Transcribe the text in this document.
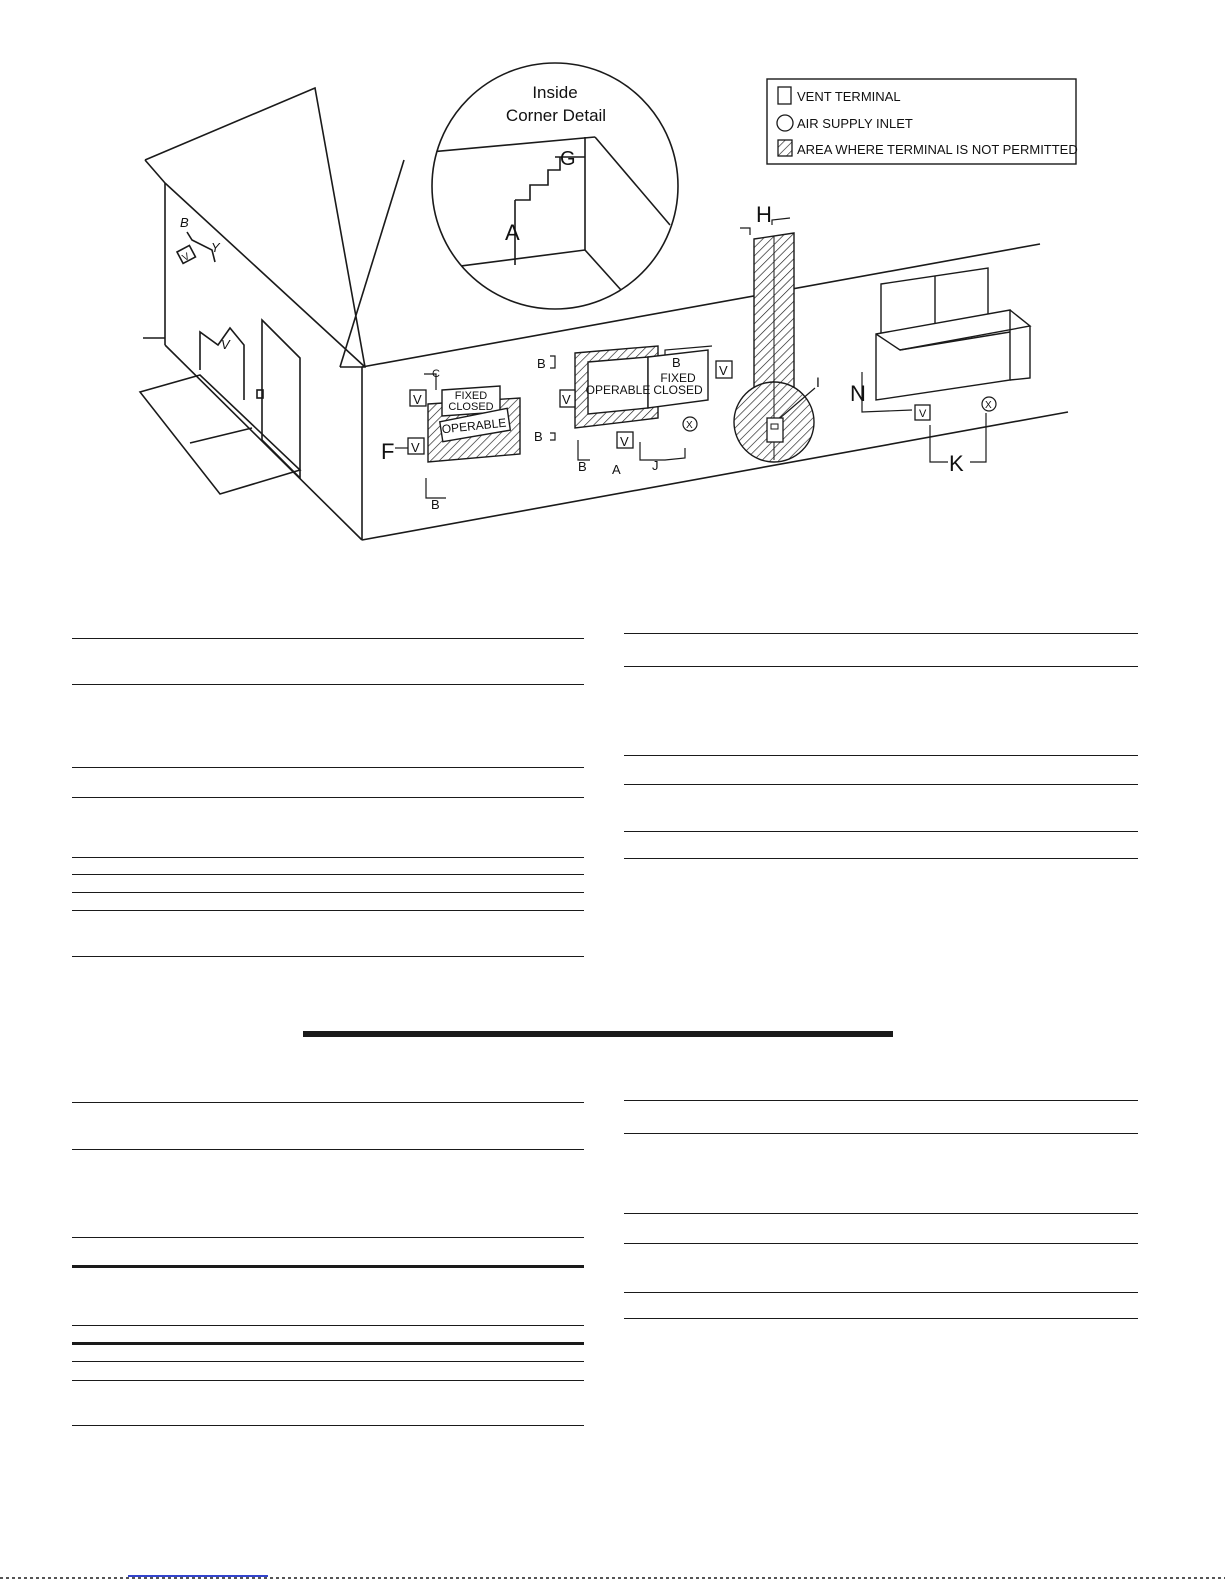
B
Y
V
V
Inside
Corner Detail
G
A
VENT TERMINAL
AIR SUPPLY INLET
AREA WHERE TERMINAL IS NOT PERMITTED
FIXED
CLOSED
OPERABLE
V
V
C
F
B
OPERABLE
FIXED
CLOSED
V
V
V
X
B
B
B
B
A J
H
I
V
X
N
K
